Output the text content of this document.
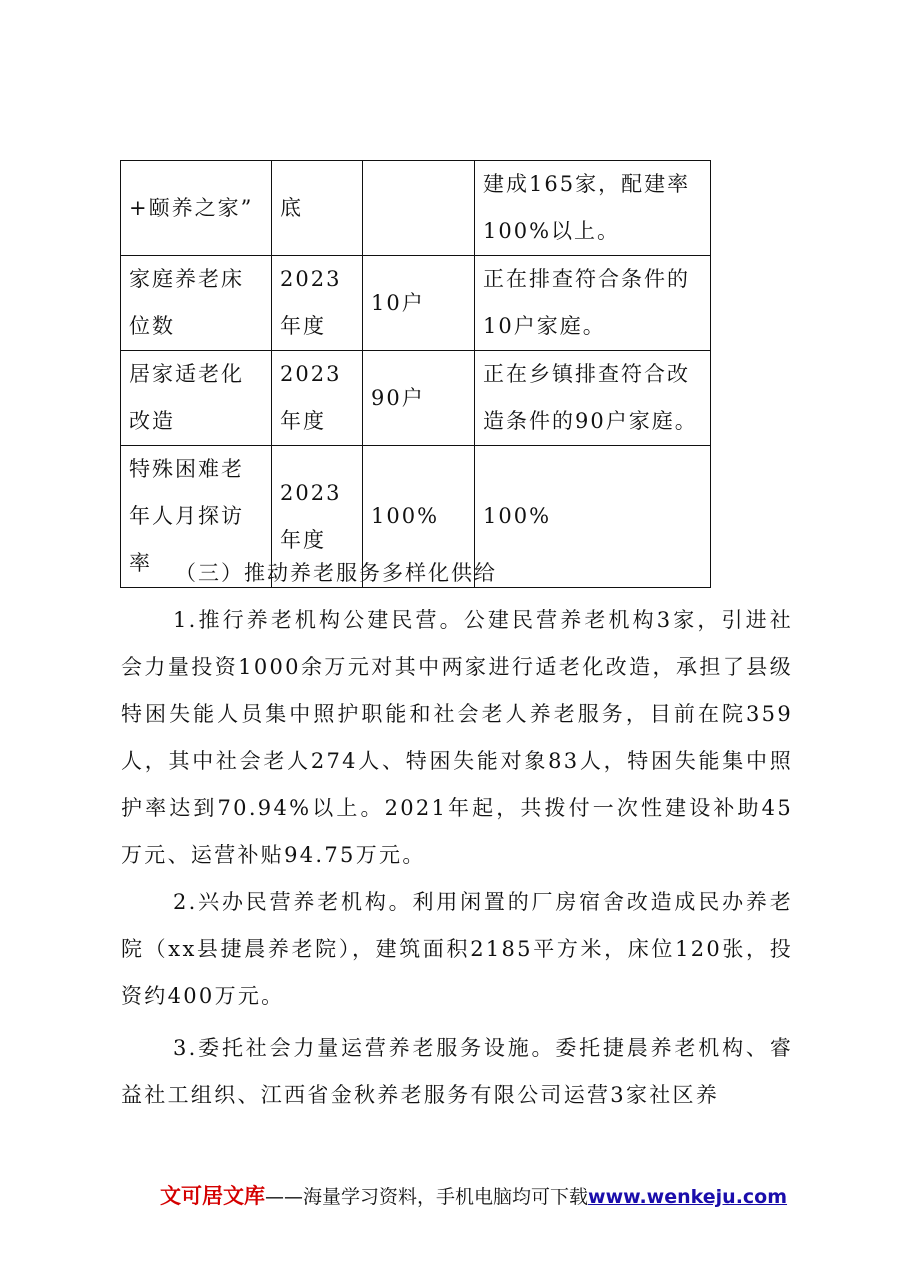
+颐养之家”	底		建成165家，配建率100%以上。
家庭养老床位数	2023 年度	10户	正在排查符合条件的10户家庭。
居家适老化改造	2023 年度	90户	正在乡镇排查符合改造条件的90户家庭。
特殊困难老年人月探访率	2023 年度	100%	100%
（三）推动养老服务多样化供给

1.推行养老机构公建民营。公建民营养老机构3家，引进社会力量投资1000余万元对其中两家进行适老化改造，承担了县级特困失能人员集中照护职能和社会老人养老服务，目前在院359人，其中社会老人274人、特困失能对象83人，特困失能集中照护率达到70.94%以上。2021年起，共拨付一次性建设补助45万元、运营补贴94.75万元。

2.兴办民营养老机构。利用闲置的厂房宿舍改造成民办养老院（xx县捷晨养老院），建筑面积2185平方米，床位120张，投资约400万元。

3.委托社会力量运营养老服务设施。委托捷晨养老机构、睿益社工组织、江西省金秋养老服务有限公司运营3家社区养

文可居文库——海量学习资料，手机电脑均可下载www.wenkeju.com
